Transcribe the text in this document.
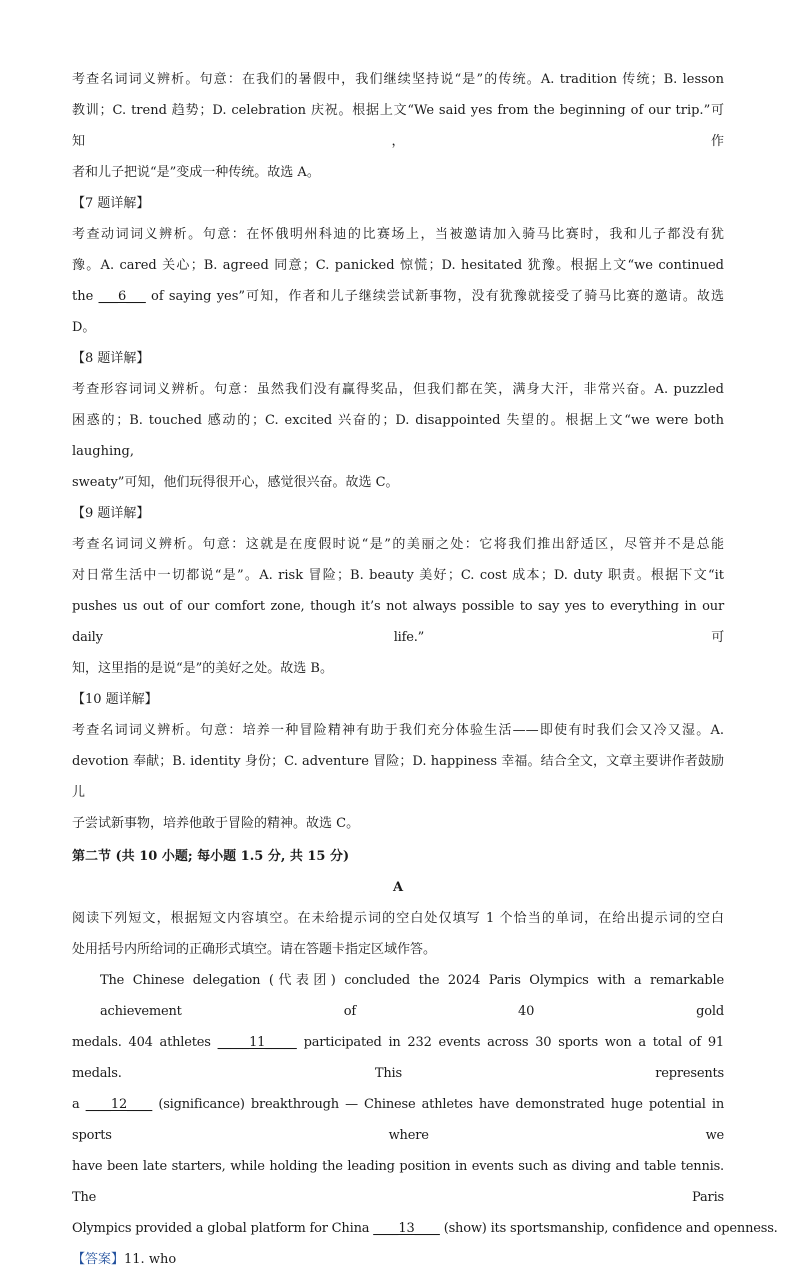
考查名词词义辨析。句意：在我们的暑假中，我们继续坚持说“是”的传统。A. tradition 传统；B. lesson

教训；C. trend 趋势；D. celebration 庆祝。根据上文“We said yes from the beginning of our trip.”可知，作

者和儿子把说“是”变成一种传统。故选 A。

【7 题详解】

考查动词词义辨析。句意：在怀俄明州科迪的比赛场上，当被邀请加入骑马比赛时，我和儿子都没有犹

豫。A. cared 关心；B. agreed 同意；C. panicked 惊慌；D. hesitated 犹豫。根据上文“we continued

the ___6___ of saying yes”可知，作者和儿子继续尝试新事物，没有犹豫就接受了骑马比赛的邀请。故选

D。

【8 题详解】

考查形容词词义辨析。句意：虽然我们没有赢得奖品，但我们都在笑，满身大汗，非常兴奋。A. puzzled

困惑的；B. touched 感动的；C. excited 兴奋的；D. disappointed 失望的。根据上文“we were both laughing,

sweaty”可知，他们玩得很开心，感觉很兴奋。故选 C。

【9 题详解】

考查名词词义辨析。句意：这就是在度假时说“是”的美丽之处：它将我们推出舒适区，尽管并不是总能

对日常生活中一切都说“是”。A. risk 冒险；B. beauty 美好；C. cost 成本；D. duty 职责。根据下文“it

pushes us out of our comfort zone, though it’s not always possible to say yes to everything in our daily life.”可

知，这里指的是说“是”的美好之处。故选 B。

【10 题详解】

考查名词词义辨析。句意：培养一种冒险精神有助于我们充分体验生活——即使有时我们会又冷又湿。A.

devotion 奉献；B. identity 身份；C. adventure 冒险；D. happiness 幸福。结合全文，文章主要讲作者鼓励儿

子尝试新事物，培养他敢于冒险的精神。故选 C。

第二节 (共 10 小题; 每小题 1.5 分, 共 15 分)

A

阅读下列短文，根据短文内容填空。在未给提示词的空白处仅填写 1 个恰当的单词，在给出提示词的空白

处用括号内所给词的正确形式填空。请在答题卡指定区域作答。

The Chinese delegation (代表团) concluded the 2024 Paris Olympics with a remarkable achievement of 40 gold

medals. 404 athletes _____11_____ participated in 232 events across 30 sports won a total of 91 medals. This represents

a ____12____ (significance) breakthrough — Chinese athletes have demonstrated huge potential in sports where we

have been late starters, while holding the leading position in events such as diving and table tennis. The Paris

Olympics provided a global platform for China ____13____ (show) its sportsmanship, confidence and openness.

【答案】11. who
